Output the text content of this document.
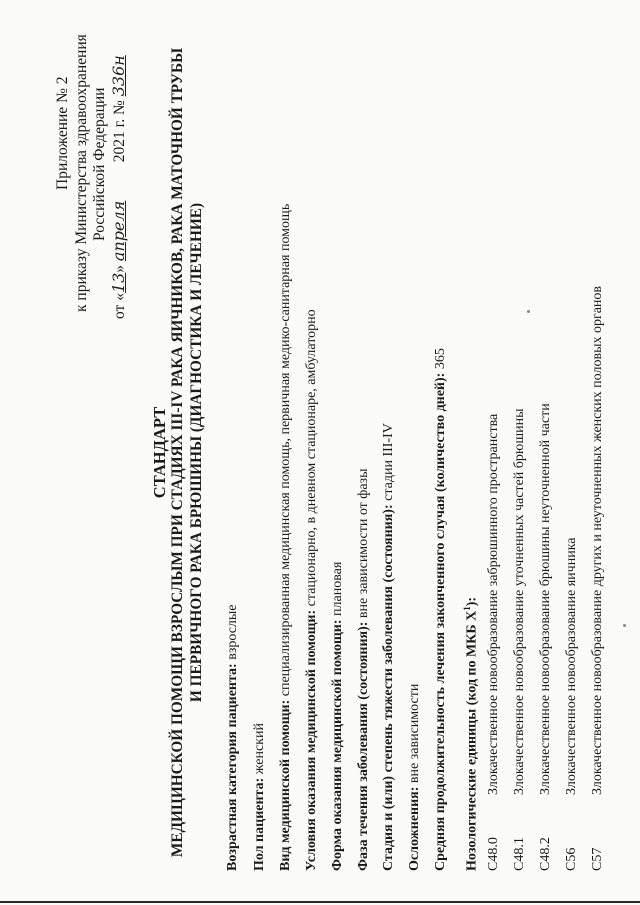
Приложение № 2 к приказу Министерства здравоохранения Российской Федерации
от «13» апреля 2021 г. № 336н
СТАНДАРТ МЕДИЦИНСКОЙ ПОМОЩИ ВЗРОСЛЫМ ПРИ СТАДИЯХ III-IV РАКА ЯИЧНИКОВ, РАКА МАТОЧНОЙ ТРУБЫ И ПЕРВИЧНОГО РАКА БРЮШИНЫ (ДИАГНОСТИКА И ЛЕЧЕНИЕ)
Возрастная категория пациента: взрослые
Пол пациента: женский Вид медицинской помощи: специализированная медицинская помощь, первичная медико-санитарная помощь
Условия оказания медицинской помощи: стационарно, в дневном стационаре, амбулаторно
Форма оказания медицинской помощи: плановая
Фаза течения заболевания (состояния): вне зависимости от фазы Стадия и (или) степень тяжести заболевания (состояния): стадии III-IV
Осложнения: вне зависимости Средняя продолжительность лечения законченного случая (количество дней): 365
Нозологические единицы (код по МКБ $X^1$):
C48.0
Злокачественное новообразование забрюшинного пространства
C48.1
Злокачественное новообразование уточненных частей брюшины
C48.2
Злокачественное новообразование брюшины неуточненной части
C56
Злокачественное новообразование яичника
C57
Злокачественное новообразование других и неуточненных женских половых органов
